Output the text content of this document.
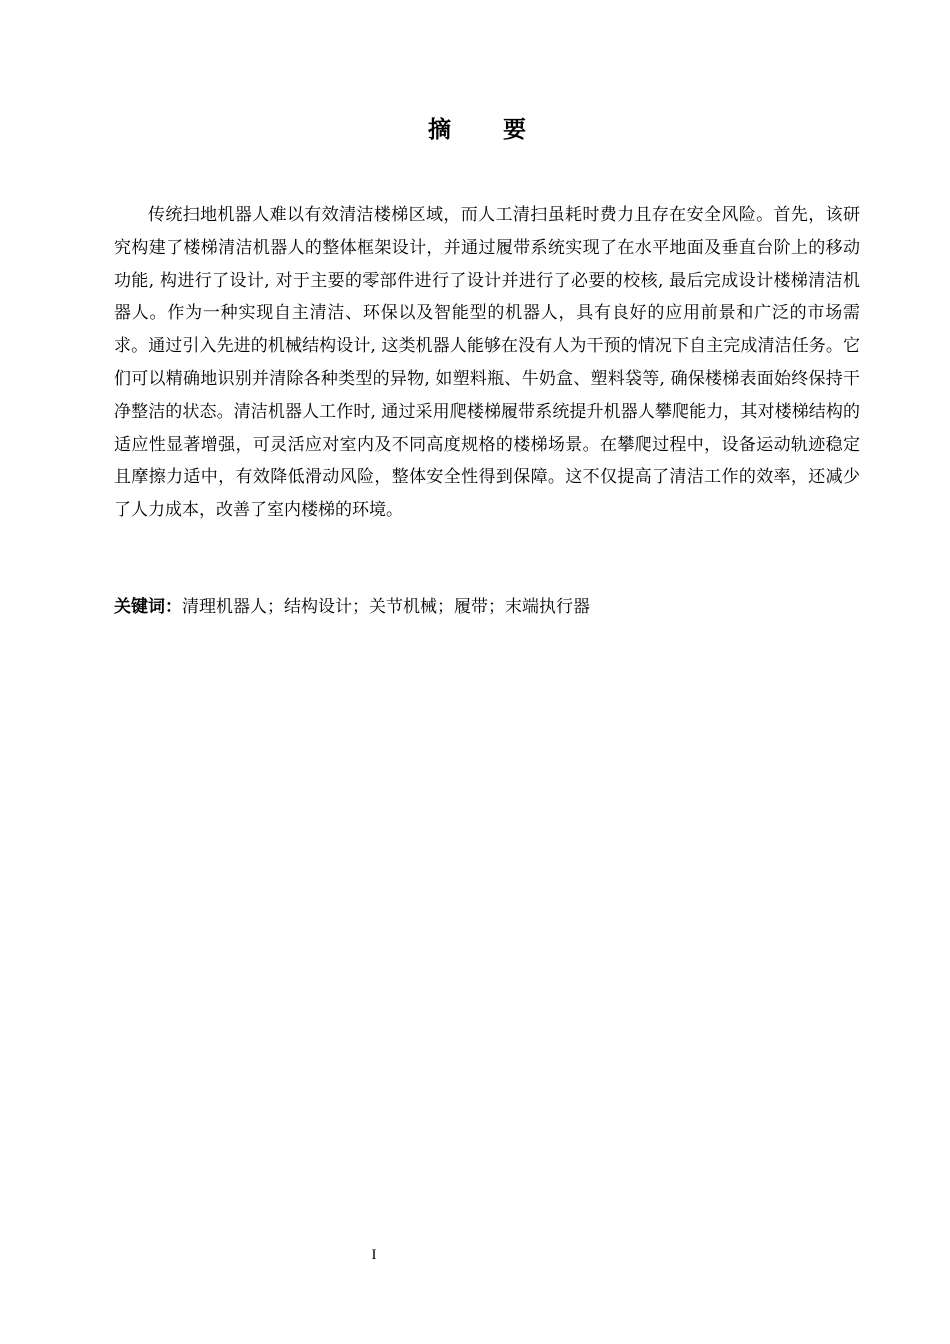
摘 要

传统扫地机器人难以有效清洁楼梯区域，而人工清扫虽耗时费力且存在安全风险。首先，该研究构建了楼梯清洁机器人的整体框架设计，并通过履带系统实现了在水平地面及垂直台阶上的移动功能, 构进行了设计, 对于主要的零部件进行了设计并进行了必要的校核, 最后完成设计楼梯清洁机器人。作为一种实现自主清洁、环保以及智能型的机器人，具有良好的应用前景和广泛的市场需求。通过引入先进的机械结构设计, 这类机器人能够在没有人为干预的情况下自主完成清洁任务。它们可以精确地识别并清除各种类型的异物, 如塑料瓶、牛奶盒、塑料袋等, 确保楼梯表面始终保持干净整洁的状态。清洁机器人工作时, 通过采用爬楼梯履带系统提升机器人攀爬能力，其对楼梯结构的适应性显著增强，可灵活应对室内及不同高度规格的楼梯场景。在攀爬过程中，设备运动轨迹稳定且摩擦力适中，有效降低滑动风险，整体安全性得到保障。这不仅提高了清洁工作的效率，还减少了人力成本，改善了室内楼梯的环境。

关键词：清理机器人；结构设计；关节机械；履带；末端执行器

I
